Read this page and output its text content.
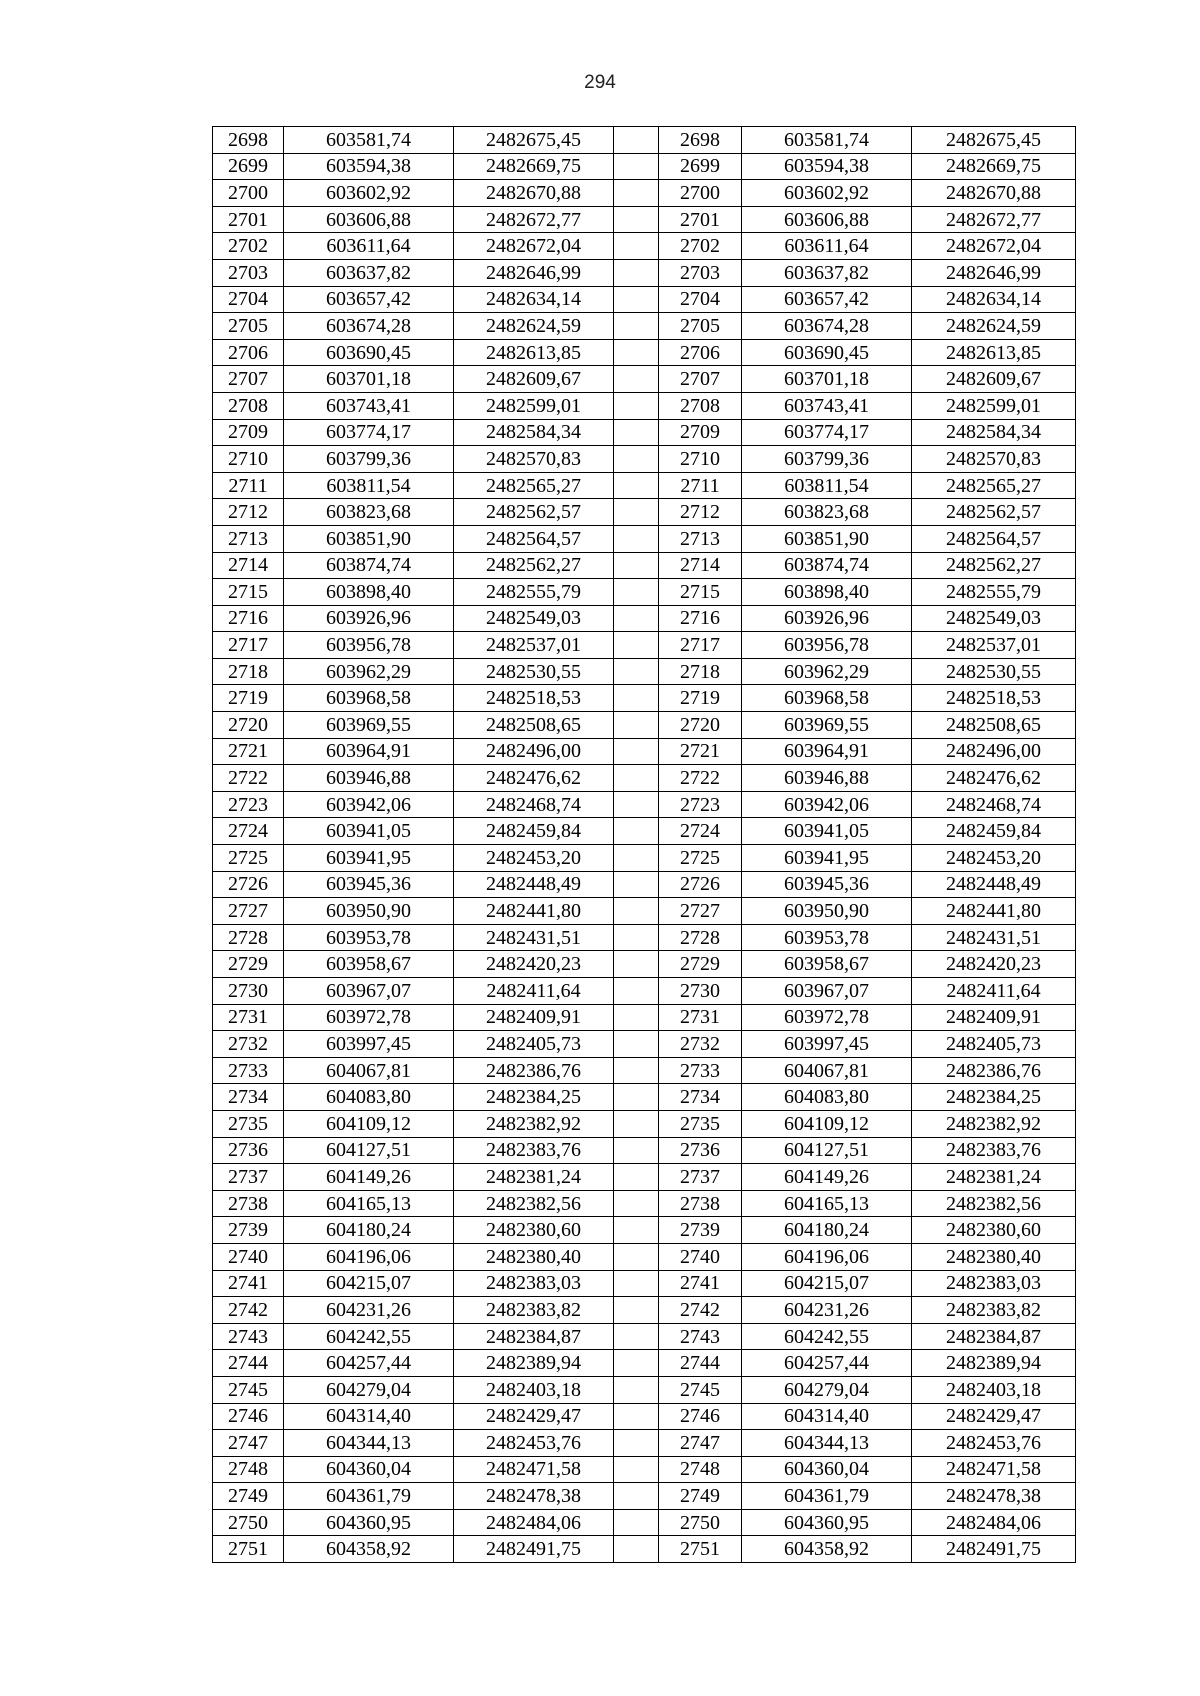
294
2698	603581,74	2482675,45		2698	603581,74	2482675,45
2699	603594,38	2482669,75		2699	603594,38	2482669,75
2700	603602,92	2482670,88		2700	603602,92	2482670,88
2701	603606,88	2482672,77		2701	603606,88	2482672,77
2702	603611,64	2482672,04		2702	603611,64	2482672,04
2703	603637,82	2482646,99		2703	603637,82	2482646,99
2704	603657,42	2482634,14		2704	603657,42	2482634,14
2705	603674,28	2482624,59		2705	603674,28	2482624,59
2706	603690,45	2482613,85		2706	603690,45	2482613,85
2707	603701,18	2482609,67		2707	603701,18	2482609,67
2708	603743,41	2482599,01		2708	603743,41	2482599,01
2709	603774,17	2482584,34		2709	603774,17	2482584,34
2710	603799,36	2482570,83		2710	603799,36	2482570,83
2711	603811,54	2482565,27		2711	603811,54	2482565,27
2712	603823,68	2482562,57		2712	603823,68	2482562,57
2713	603851,90	2482564,57		2713	603851,90	2482564,57
2714	603874,74	2482562,27		2714	603874,74	2482562,27
2715	603898,40	2482555,79		2715	603898,40	2482555,79
2716	603926,96	2482549,03		2716	603926,96	2482549,03
2717	603956,78	2482537,01		2717	603956,78	2482537,01
2718	603962,29	2482530,55		2718	603962,29	2482530,55
2719	603968,58	2482518,53		2719	603968,58	2482518,53
2720	603969,55	2482508,65		2720	603969,55	2482508,65
2721	603964,91	2482496,00		2721	603964,91	2482496,00
2722	603946,88	2482476,62		2722	603946,88	2482476,62
2723	603942,06	2482468,74		2723	603942,06	2482468,74
2724	603941,05	2482459,84		2724	603941,05	2482459,84
2725	603941,95	2482453,20		2725	603941,95	2482453,20
2726	603945,36	2482448,49		2726	603945,36	2482448,49
2727	603950,90	2482441,80		2727	603950,90	2482441,80
2728	603953,78	2482431,51		2728	603953,78	2482431,51
2729	603958,67	2482420,23		2729	603958,67	2482420,23
2730	603967,07	2482411,64		2730	603967,07	2482411,64
2731	603972,78	2482409,91		2731	603972,78	2482409,91
2732	603997,45	2482405,73		2732	603997,45	2482405,73
2733	604067,81	2482386,76		2733	604067,81	2482386,76
2734	604083,80	2482384,25		2734	604083,80	2482384,25
2735	604109,12	2482382,92		2735	604109,12	2482382,92
2736	604127,51	2482383,76		2736	604127,51	2482383,76
2737	604149,26	2482381,24		2737	604149,26	2482381,24
2738	604165,13	2482382,56		2738	604165,13	2482382,56
2739	604180,24	2482380,60		2739	604180,24	2482380,60
2740	604196,06	2482380,40		2740	604196,06	2482380,40
2741	604215,07	2482383,03		2741	604215,07	2482383,03
2742	604231,26	2482383,82		2742	604231,26	2482383,82
2743	604242,55	2482384,87		2743	604242,55	2482384,87
2744	604257,44	2482389,94		2744	604257,44	2482389,94
2745	604279,04	2482403,18		2745	604279,04	2482403,18
2746	604314,40	2482429,47		2746	604314,40	2482429,47
2747	604344,13	2482453,76		2747	604344,13	2482453,76
2748	604360,04	2482471,58		2748	604360,04	2482471,58
2749	604361,79	2482478,38		2749	604361,79	2482478,38
2750	604360,95	2482484,06		2750	604360,95	2482484,06
2751	604358,92	2482491,75		2751	604358,92	2482491,75
